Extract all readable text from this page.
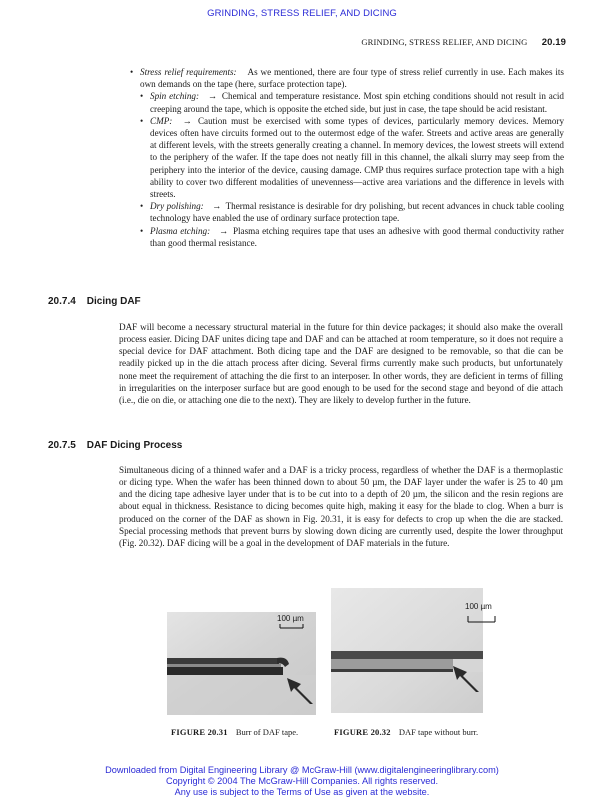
GRINDING, STRESS RELIEF, AND DICING
GRINDING, STRESS RELIEF, AND DICING 20.19
• Stress relief requirements: As we mentioned, there are four type of stress relief currently in use. Each makes its own demands on the tape (here, surface protection tape).
• Spin etching: → Chemical and temperature resistance. Most spin etching conditions should not result in acid creeping around the tape, which is opposite the etched side, but just in case, the tape should be acid resistant.
• CMP: → Caution must be exercised with some types of devices, particularly memory devices. Memory devices often have circuits formed out to the outermost edge of the wafer. Streets and active areas are generally at different levels, with the streets generally creating a channel. In memory devices, the lowest streets will extend to the periphery of the wafer. If the tape does not neatly fill in this channel, the alkali slurry may seep from the periphery into the interior of the device, causing damage. CMP thus requires surface protection tape with a high ability to cover two different modalities of unevenness—active area variations and the difference in levels with streets.
• Dry polishing: → Thermal resistance is desirable for dry polishing, but recent advances in chuck table cooling technology have enabled the use of ordinary surface protection tape.
• Plasma etching: → Plasma etching requires tape that uses an adhesive with good thermal conductivity rather than good thermal resistance.
20.7.4 Dicing DAF

DAF will become a necessary structural material in the future for thin device packages; it should also make the overall process easier. Dicing DAF unites dicing tape and DAF and can be attached at room temperature, so it does not require a special device for DAF attachment. Both dicing tape and the DAF are designed to be removable, so that die can be readily picked up in the die attach process after dicing. Several firms currently make such products, but unfortunately none meet the requirement of attaching the die first to an interposer. In other words, they are deficient in terms of filling in irregularities on the interposer surface but are good enough to be used for the second stage and beyond of die attach (i.e., die on die, or attaching one die to the next). They are likely to develop further in the future.

20.7.5 DAF Dicing Process

Simultaneous dicing of a thinned wafer and a DAF is a tricky process, regardless of whether the DAF is a thermoplastic or dicing type. When the wafer has been thinned down to about 50 µm, the DAF layer under the wafer is 25 to 40 µm and the dicing tape adhesive layer under that is to be cut into to a depth of 20 µm, the silicon and the resin regions are about equal in thickness. Resistance to dicing becomes quite high, making it easy for the blade to clog. When a burr is produced on the corner of the DAF as shown in Fig. 20.31, it is easy for defects to crop up when the die are stacked. Special processing methods that prevent burrs by slowing down dicing are currently used, despite the lower throughput (Fig. 20.32). DAF dicing will be a goal in the development of DAF materials in the future.

100 µm
FIGURE 20.31 Burr of DAF tape.
100 µm
FIGURE 20.32 DAF tape without burr.
Downloaded from Digital Engineering Library @ McGraw-Hill (www.digitalengineeringlibrary.com)
Copyright © 2004 The McGraw-Hill Companies. All rights reserved.
Any use is subject to the Terms of Use as given at the website.
